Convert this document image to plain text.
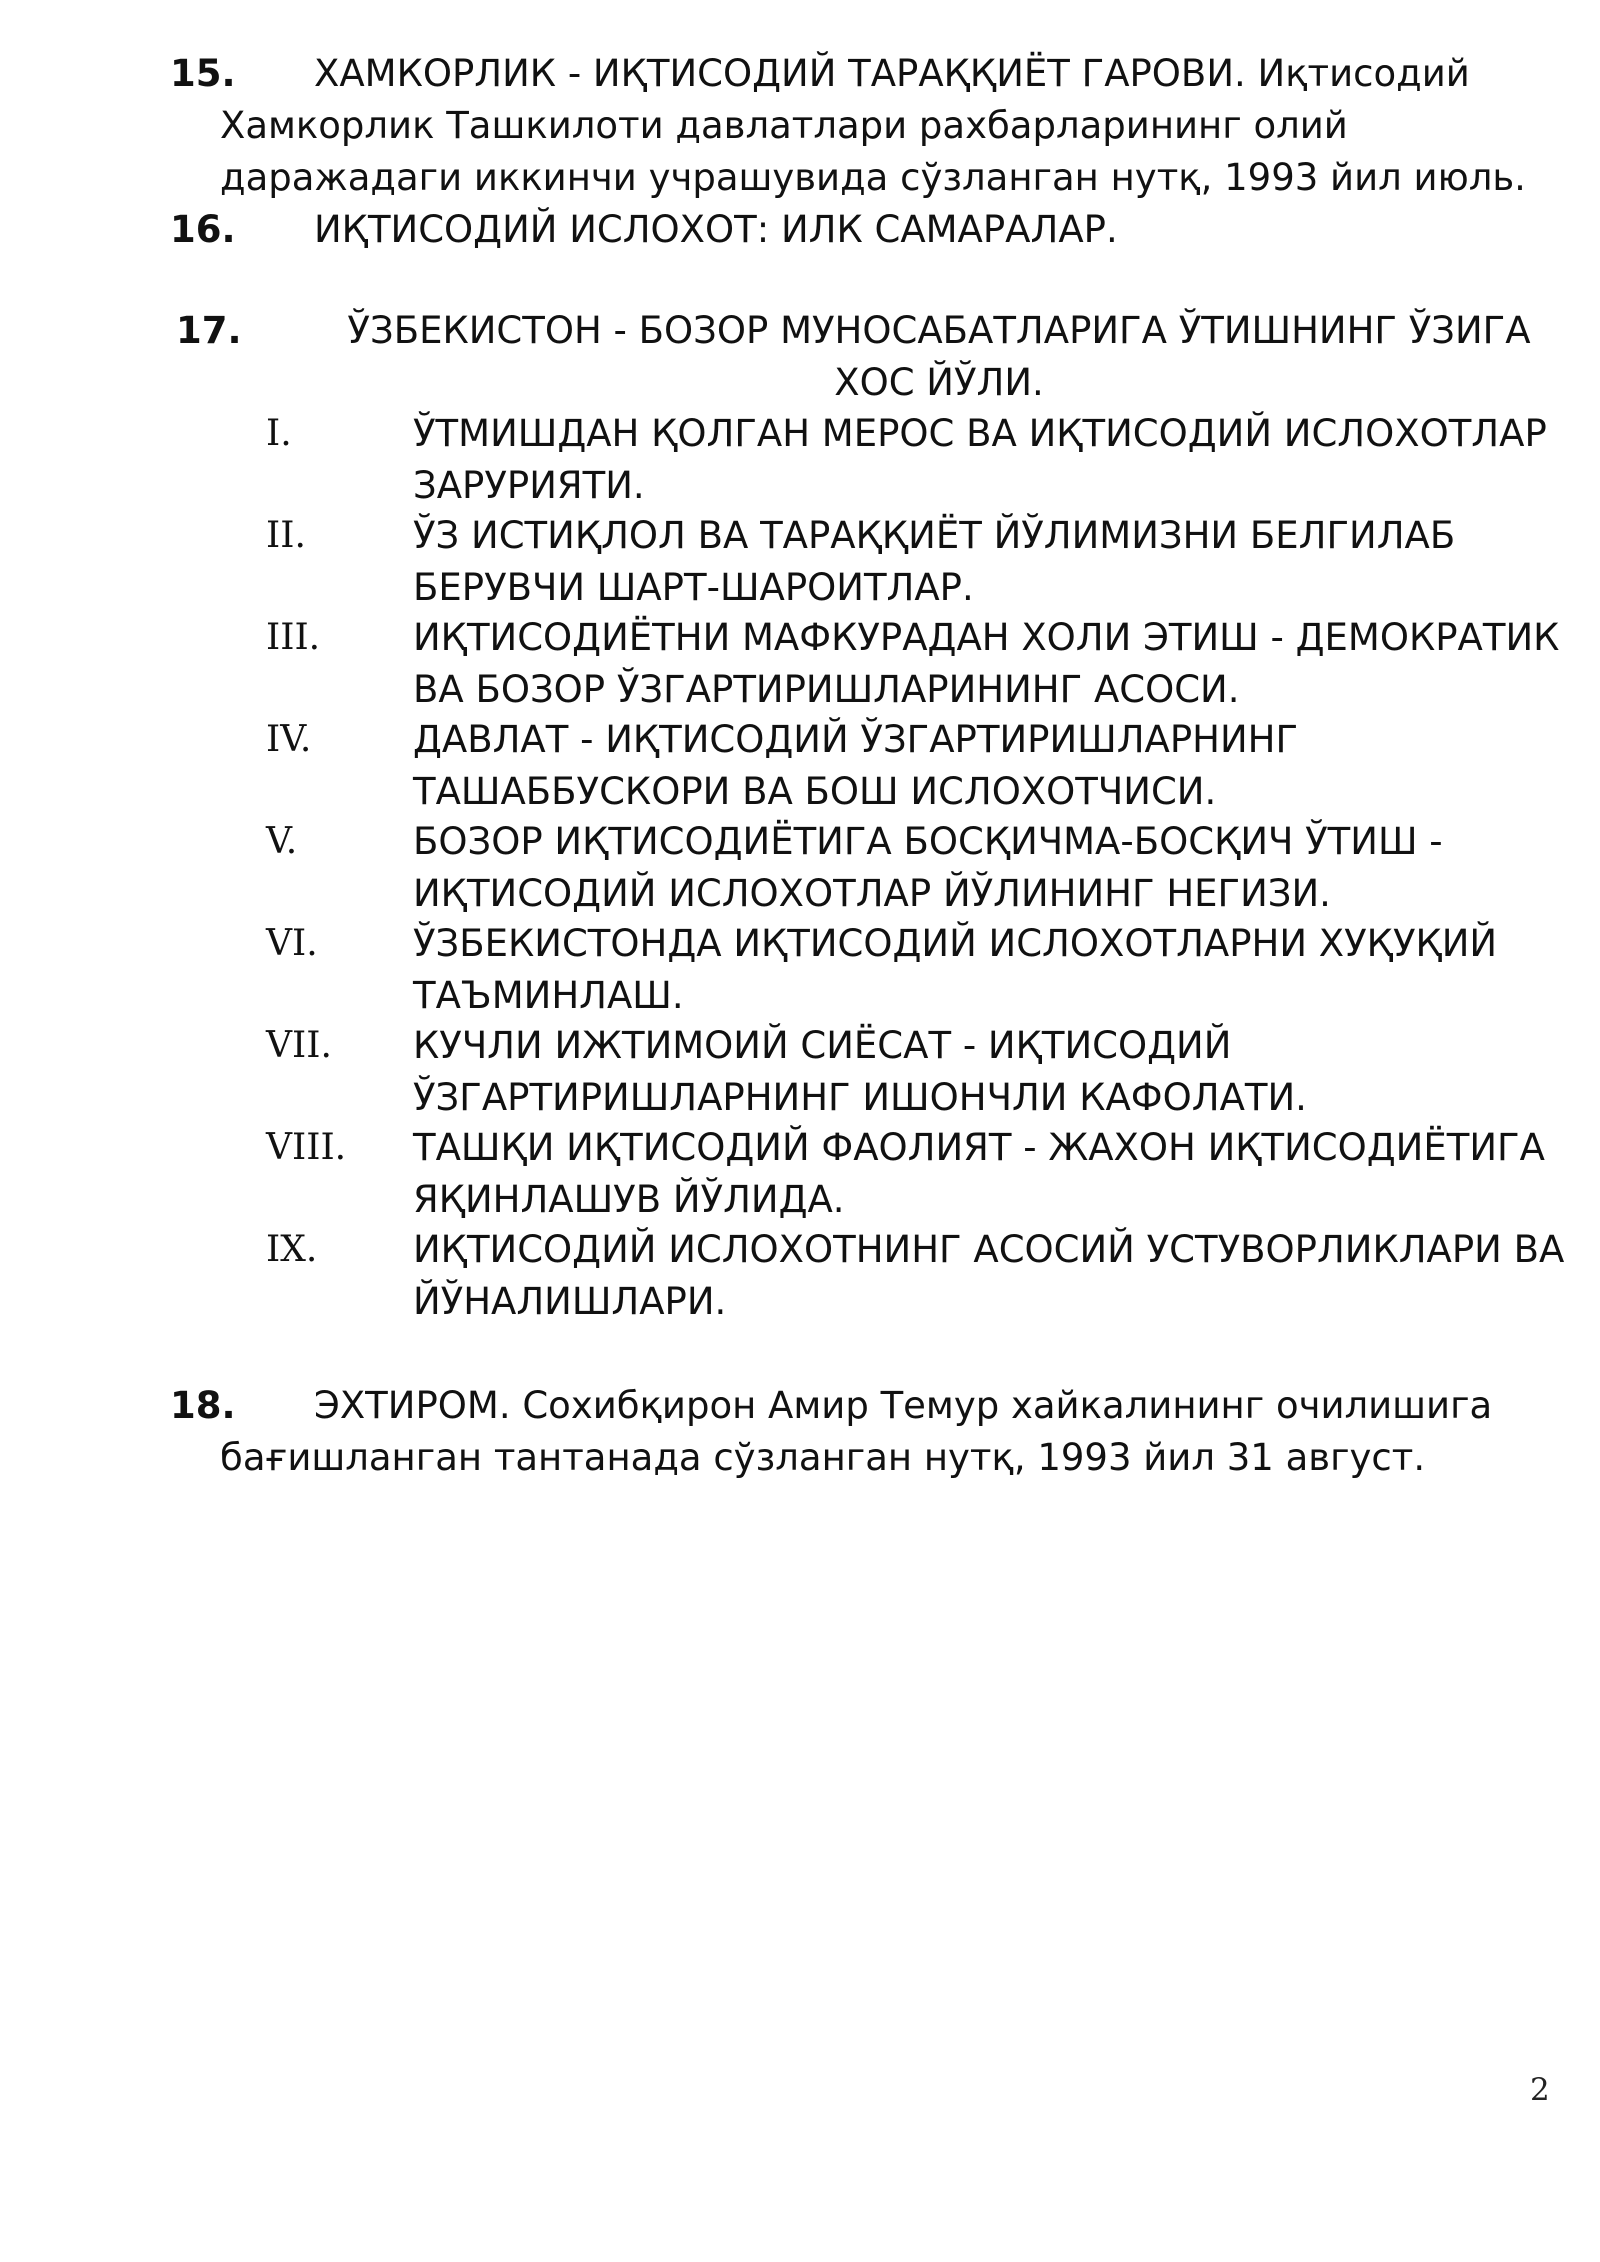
15.	ХАМКОРЛИК - ИҚТИСОДИЙ ТАРАҚҚИЁТ ГАРОВИ. Иқтисодий Хамкорлик Ташкилоти давлатлари рахбарларининг олий даражадаги иккинчи учрашувида сўзланган нутқ, 1993 йил июль.
16.	ИҚТИСОДИЙ ИСЛОХОТ: ИЛК САМАРАЛАР.
17.	ЎЗБЕКИСТОН - БОЗОР МУНОСАБАТЛАРИГА ЎТИШНИНГ ЎЗИГА ХОС ЙЎЛИ.
I.	ЎТМИШДАН ҚОЛГАН МЕРОС ВА ИҚТИСОДИЙ ИСЛОХОТЛАР ЗАРУРИЯТИ.
II.	ЎЗ ИСТИҚЛОЛ ВА ТАРАҚҚИЁТ ЙЎЛИМИЗНИ БЕЛГИЛАБ БЕРУВЧИ ШАРТ-ШАРОИТЛАР.
III.	ИҚТИСОДИЁТНИ МАФКУРАДАН ХОЛИ ЭТИШ - ДЕМОКРАТИК ВА БОЗОР ЎЗГАРТИРИШЛАРИНИНГ АСОСИ.
IV.	ДАВЛАТ - ИҚТИСОДИЙ ЎЗГАРТИРИШЛАРНИНГ ТАШАББУСКОРИ ВА БОШ ИСЛОХОТЧИСИ.
V.	БОЗОР ИҚТИСОДИЁТИГА БОСҚИЧМА-БОСҚИЧ ЎТИШ - ИҚТИСОДИЙ ИСЛОХОТЛАР ЙЎЛИНИНГ НЕГИЗИ.
VI.	ЎЗБЕКИСТОНДА ИҚТИСОДИЙ ИСЛОХОТЛАРНИ ХУҚУҚИЙ ТАЪМИНЛАШ.
VII. КУЧЛИ ИЖТИМОИЙ СИЁСАТ - ИҚТИСОДИЙ ЎЗГАРТИРИШЛАРНИНГ ИШОНЧЛИ КАФОЛАТИ.
VIII. ТАШҚИ ИҚТИСОДИЙ ФАОЛИЯТ - ЖАХОН ИҚТИСОДИЁТИГА ЯҚИНЛАШУВ ЙЎЛИДА.
IX.	ИҚТИСОДИЙ ИСЛОХОТНИНГ АСОСИЙ УСТУВОРЛИКЛАРИ ВА ЙЎНАЛИШЛАРИ.
18.	ЭХТИРОМ. Сохибқирон Амир Темур хайкалининг очилишига бағишланган тантанада сўзланган нутқ, 1993 йил 31 август.
2
